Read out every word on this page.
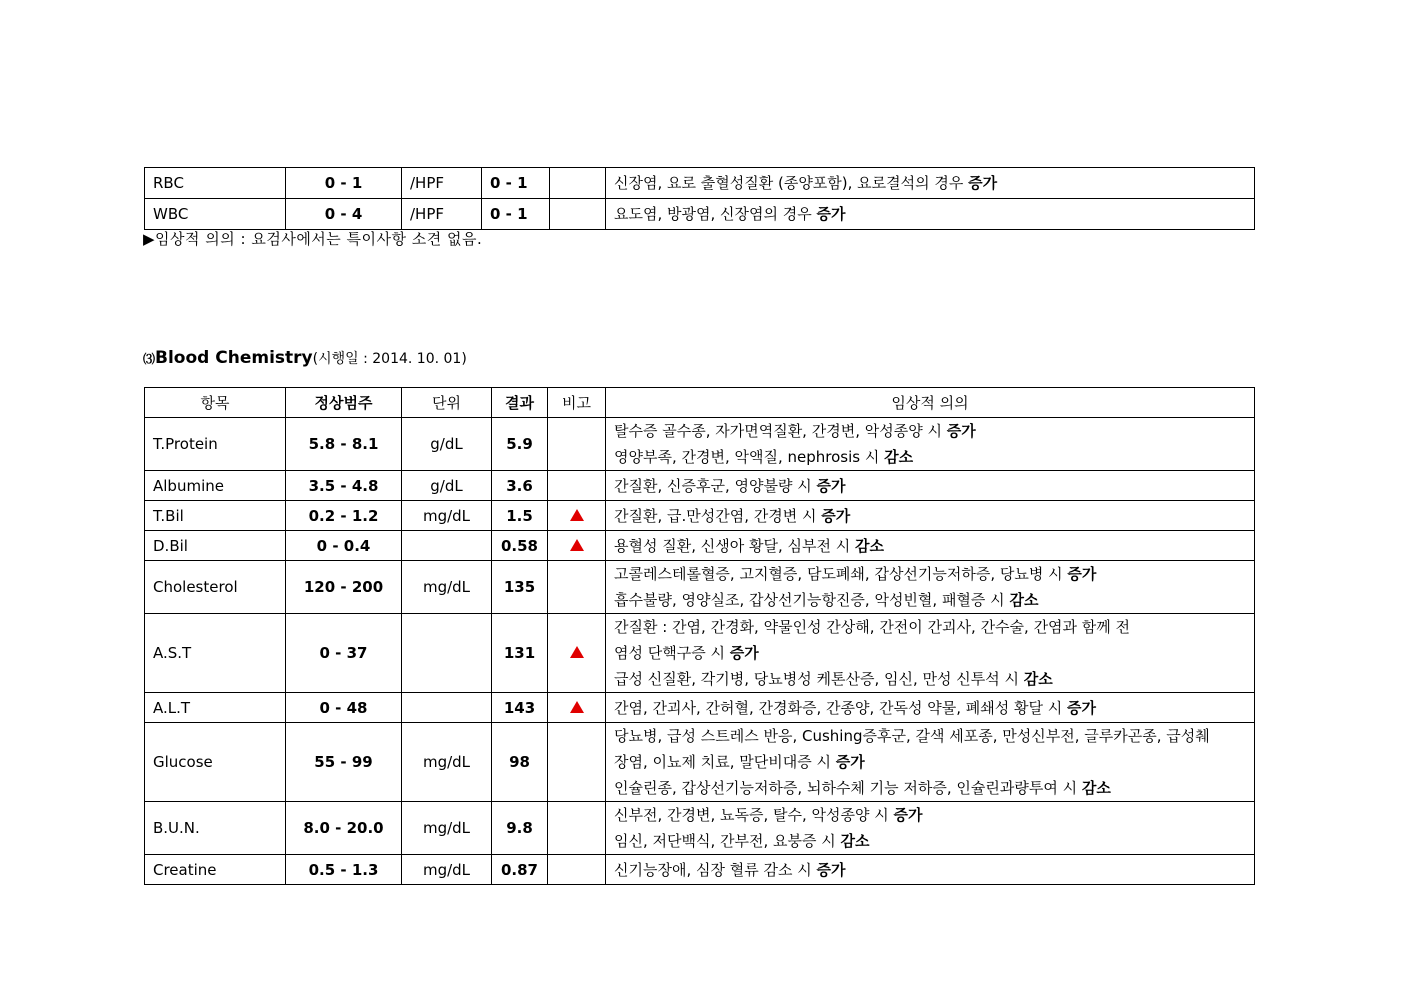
RBC	0 - 1	/HPF	0 - 1		신장염, 요로 출혈성질환 (종양포함), 요로결석의 경우 증가

WBC	0 - 4	/HPF	0 - 1		요도염, 방광염, 신장염의 경우 증가
▶임상적 의의 : 요검사에서는 특이사항 소견 없음.
⑶Blood Chemistry(시행일 : 2014. 10. 01)
항목	정상범주	단위	결과	비고	임상적 의의
T.Protein	5.8 - 8.1	g/dL	5.9		탈수증 골수종, 자가면역질환, 간경변, 악성종양 시 증가
영양부족, 간경변, 악액질, nephrosis 시 감소

Albumine	3.5 - 4.8	g/dL	3.6		간질환, 신증후군, 영양불량 시 증가

T.Bil	0.2 - 1.2	mg/dL	1.5		간질환, 급.만성간염, 간경변 시 증가

D.Bil	0 - 0.4		0.58		용혈성 질환, 신생아 황달, 심부전 시 감소

Cholesterol	120 - 200	mg/dL	135		고콜레스테롤혈증, 고지혈증, 담도폐쇄, 갑상선기능저하증, 당뇨병 시 증가
흡수불량, 영양실조, 갑상선기능항진증, 악성빈혈, 패혈증 시 감소

A.S.T	0 - 37		131		간질환 : 간염, 간경화, 약물인성 간상해, 간전이 간괴사, 간수술, 간염과 함께 전
염성 단핵구증 시 증가
급성 신질환, 각기병, 당뇨병성 케톤산증, 임신, 만성 신투석 시 감소

A.L.T	0 - 48		143		간염, 간괴사, 간허혈, 간경화증, 간종양, 간독성 약물, 폐쇄성 황달 시 증가

Glucose	55 - 99	mg/dL	98		당뇨병, 급성 스트레스 반응, Cushing증후군, 갈색 세포종, 만성신부전, 글루카곤종, 급성췌
장염, 이뇨제 치료, 말단비대증 시 증가
인슐린종, 갑상선기능저하증, 뇌하수체 기능 저하증, 인슐린과량투여 시 감소

B.U.N.	8.0 - 20.0	mg/dL	9.8		신부전, 간경변, 뇨독증, 탈수, 악성종양 시 증가
임신, 저단백식, 간부전, 요붕증 시 감소

Creatine	0.5 - 1.3	mg/dL	0.87		신기능장애, 심장 혈류 감소 시 증가
